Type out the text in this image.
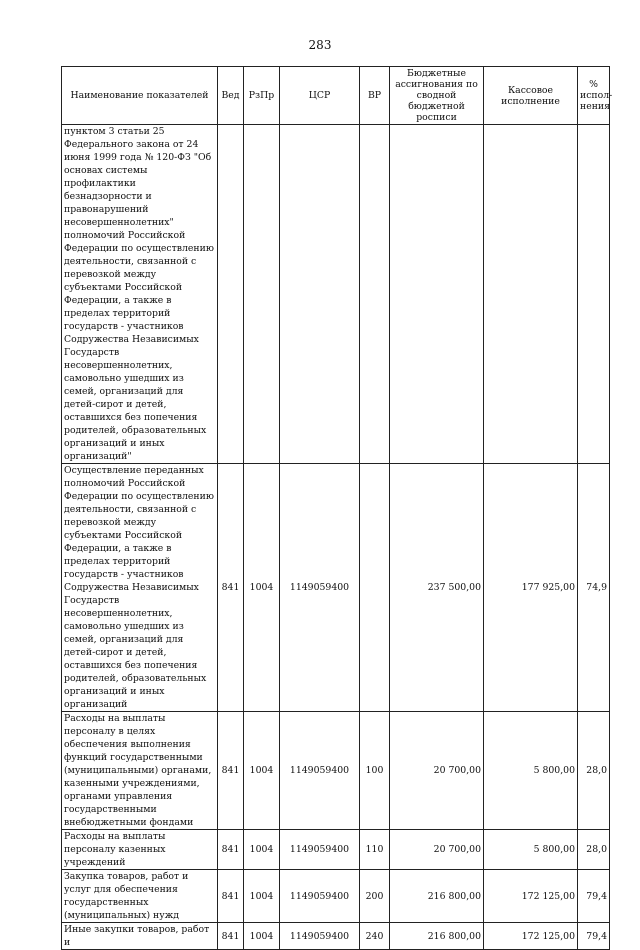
283
Наименование показателей	Вед	РзПр	ЦСР	ВР	Бюджетные ассигнования по сводной бюджетной росписи	Кассовое исполнение	% испол-нения
пунктом 3 статьи 25 Федерального закона от 24 июня 1999 года № 120-ФЗ "Об основах системы профилактики безнадзорности и правонарушений несовершеннолетних" полномочий Российской Федерации по осуществлению деятельности, связанной с перевозкой между субъектами Российской Федерации, а также в пределах территорий государств - участников Содружества Независимых Государств несовершеннолетних, самовольно ушедших из семей, организаций для детей-сирот и детей, оставшихся без попечения родителей, образовательных организаций и иных организаций"							
Осуществление переданных полномочий Российской Федерации по осуществлению деятельности, связанной с перевозкой между субъектами Российской Федерации, а также в пределах территорий государств - участников Содружества Независимых Государств несовершеннолетних, самовольно ушедших из семей, организаций для детей-сирот и детей, оставшихся без попечения родителей, образовательных организаций и иных организаций	841	1004	1149059400		237 500,00	177 925,00	74,9
Расходы на выплаты персоналу в целях обеспечения выполнения функций государственными (муниципальными) органами, казенными учреждениями, органами управления государственными внебюджетными фондами	841	1004	1149059400	100	20 700,00	5 800,00	28,0
Расходы на выплаты персоналу казенных учреждений	841	1004	1149059400	110	20 700,00	5 800,00	28,0
Закупка товаров, работ и услуг для обеспечения государственных (муниципальных) нужд	841	1004	1149059400	200	216 800,00	172 125,00	79,4
Иные закупки товаров, работ и	841	1004	1149059400	240	216 800,00	172 125,00	79,4
